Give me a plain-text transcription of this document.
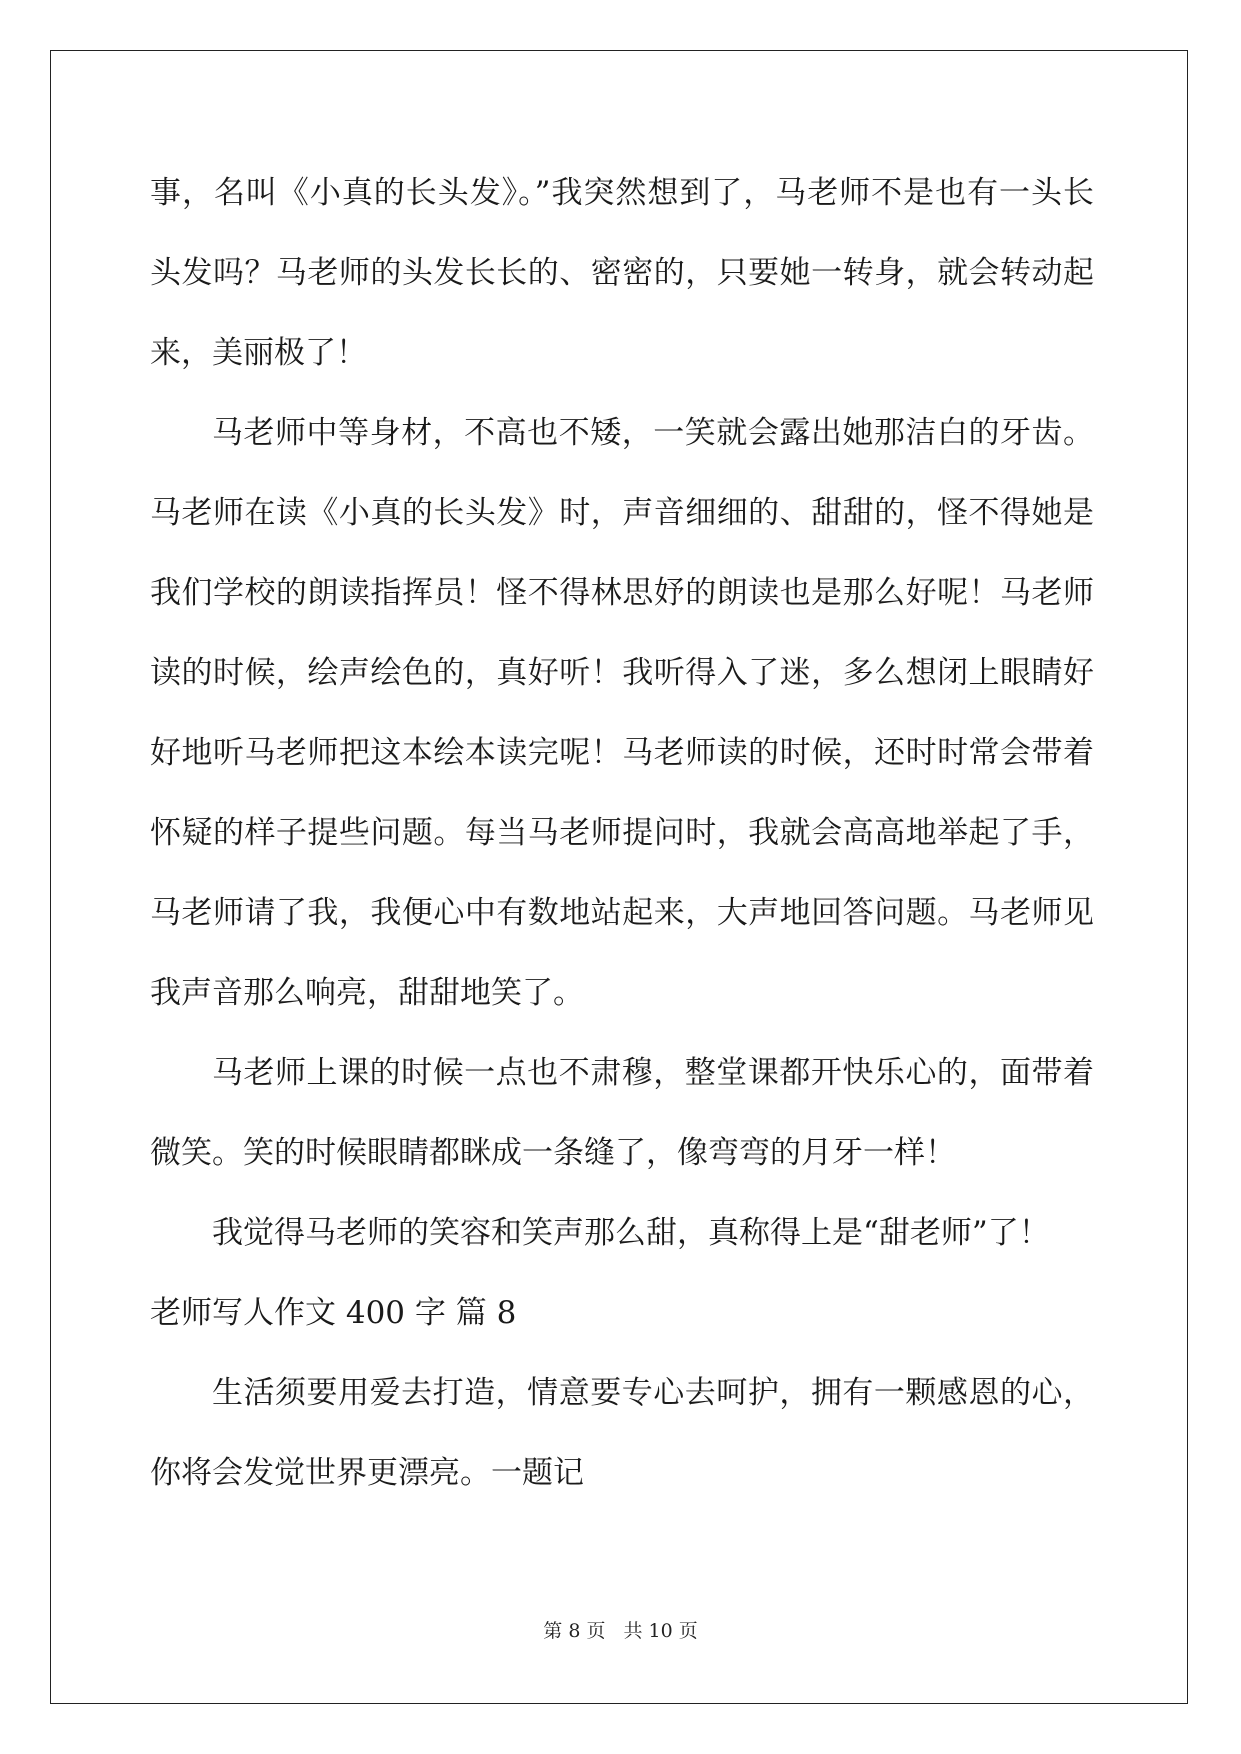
事，名叫《小真的长头发》。”我突然想到了，马老师不是也有一头长
头发吗？马老师的头发长长的、密密的，只要她一转身，就会转动起
来，美丽极了！
马老师中等身材，不高也不矮，一笑就会露出她那洁白的牙齿。
马老师在读《小真的长头发》时，声音细细的、甜甜的，怪不得她是
我们学校的朗读指挥员！怪不得林思妤的朗读也是那么好呢！马老师
读的时候，绘声绘色的，真好听！我听得入了迷，多么想闭上眼睛好
好地听马老师把这本绘本读完呢！马老师读的时候，还时时常会带着
怀疑的样子提些问题。每当马老师提问时，我就会高高地举起了手，
马老师请了我，我便心中有数地站起来，大声地回答问题。马老师见
我声音那么响亮，甜甜地笑了。
马老师上课的时候一点也不肃穆，整堂课都开快乐心的，面带着
微笑。笑的时候眼睛都眯成一条缝了，像弯弯的月牙一样！
我觉得马老师的笑容和笑声那么甜，真称得上是“甜老师”了！
老师写人作文 400 字 篇 8
生活须要用爱去打造，情意要专心去呵护，拥有一颗感恩的心，
你将会发觉世界更漂亮。一题记
第 8 页 共 10 页
